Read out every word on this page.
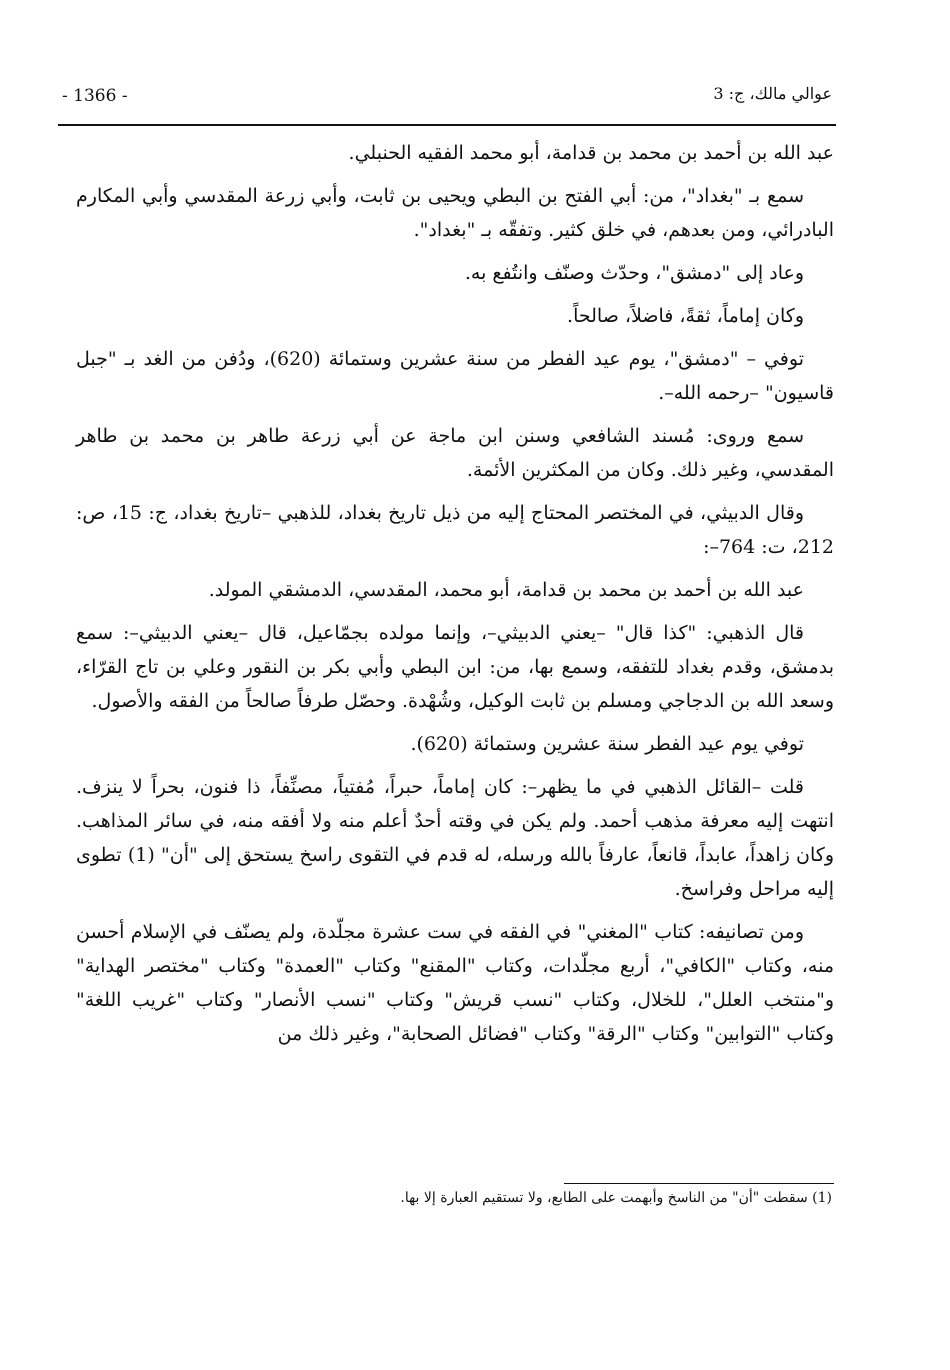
- 1366 -	عوالي مالك، ج: 3

عبد الله بن أحمد بن محمد بن قدامة، أبو محمد الفقيه الحنبلي.

سمع بـ "بغداد"، من: أبي الفتح بن البطي ويحيى بن ثابت، وأبي زرعة المقدسي وأبي المكارم البادرائي، ومن بعدهم، في خلق كثير. وتفقّه بـ "بغداد".

وعاد إلى "دمشق"، وحدّث وصنّف وانتُفع به.

وكان إماماً، ثقةً، فاضلاً، صالحاً.

توفي – "دمشق"، يوم عيد الفطر من سنة عشرين وستمائة (620)، ودُفن من الغد بـ "جبل قاسيون" –رحمه الله–.

سمع وروى: مُسند الشافعي وسنن ابن ماجة عن أبي زرعة طاهر بن محمد بن طاهر المقدسي، وغير ذلك. وكان من المكثرين الأئمة.

وقال الدبيثي، في المختصر المحتاج إليه من ذيل تاريخ بغداد، للذهبي –تاريخ بغداد، ج: 15، ص: 212، ت: 764–:

عبد الله بن أحمد بن محمد بن قدامة، أبو محمد، المقدسي، الدمشقي المولد.

قال الذهبي: "كذا قال" –يعني الدبيثي–، وإنما مولده بجمّاعيل، قال –يعني الدبيثي–: سمع بدمشق، وقدم بغداد للتفقه، وسمع بها، من: ابن البطي وأبي بكر بن النقور وعلي بن تاج القرّاء، وسعد الله بن الدجاجي ومسلم بن ثابت الوكيل، وشُهْدة. وحصّل طرفاً صالحاً من الفقه والأصول.

توفي يوم عيد الفطر سنة عشرين وستمائة (620).

قلت –القائل الذهبي في ما يظهر–: كان إماماً، حبراً، مُفتياً، مصنِّفاً، ذا فنون، بحراً لا ينزف. انتهت إليه معرفة مذهب أحمد. ولم يكن في وقته أحدٌ أعلم منه ولا أفقه منه، في سائر المذاهب. وكان زاهداً، عابداً، قانعاً، عارفاً بالله ورسله، له قدم في التقوى راسخ يستحق إلى "أن" (1) تطوى إليه مراحل وفراسخ.

ومن تصانيفه: كتاب "المغني" في الفقه في ست عشرة مجلّدة، ولم يصنّف في الإسلام أحسن منه، وكتاب "الكافي"، أربع مجلّدات، وكتاب "المقنع" وكتاب "العمدة" وكتاب "مختصر الهداية" و"منتخب العلل"، للخلال، وكتاب "نسب قريش" وكتاب "نسب الأنصار" وكتاب "غريب اللغة" وكتاب "التوابين" وكتاب "الرقة" وكتاب "فضائل الصحابة"، وغير ذلك من

(1) سقطت "أن" من الناسخ وأبهمت على الطابع، ولا تستقيم العبارة إلا بها.
